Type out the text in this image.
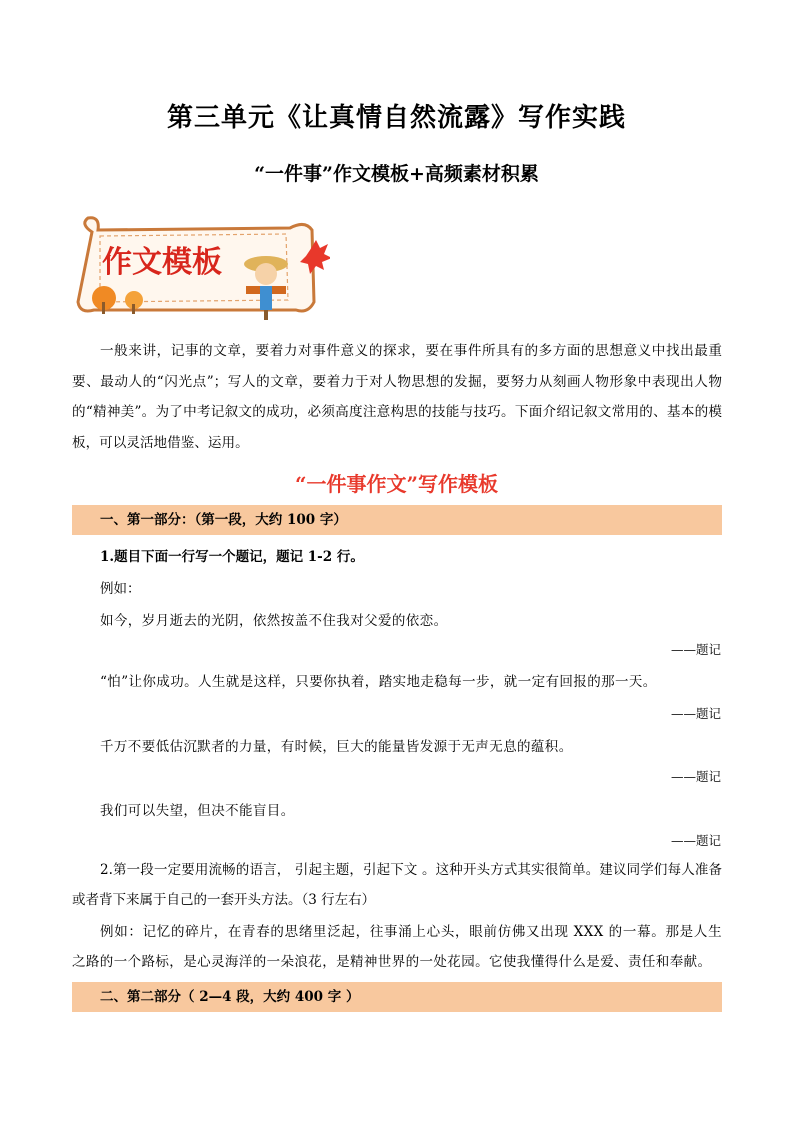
第三单元《让真情自然流露》写作实践
“一件事”作文模板+高频素材积累
作文模板
一般来讲，记事的文章，要着力对事件意义的探求，要在事件所具有的多方面的思想意义中找出最重要、最动人的“闪光点”；写人的文章，要着力于对人物思想的发掘，要努力从刻画人物形象中表现出人物的“精神美”。为了中考记叙文的成功，必须高度注意构思的技能与技巧。下面介绍记叙文常用的、基本的模板，可以灵活地借鉴、运用。
“一件事作文”写作模板
一、第一部分：（第一段，大约 100 字）
1.题目下面一行写一个题记，题记 1-2 行。
例如：
如今，岁月逝去的光阴，依然按盖不住我对父爱的依恋。
——题记
“怕”让你成功。人生就是这样，只要你执着，踏实地走稳每一步，就一定有回报的那一天。
——题记
千万不要低估沉默者的力量，有时候，巨大的能量皆发源于无声无息的蕴积。
——题记
我们可以失望，但决不能盲目。
——题记
2.第一段一定要用流畅的语言， 引起主题，引起下文 。这种开头方式其实很简单。建议同学们每人准备或者背下来属于自己的一套开头方法。（3 行左右）
例如：记忆的碎片，在青春的思绪里泛起，往事涌上心头，眼前仿佛又出现 XXX 的一幕。那是人生之路的一个路标，是心灵海洋的一朵浪花，是精神世界的一处花园。它使我懂得什么是爱、责任和奉献。
二、第二部分（ 2—4 段，大约 400 字 ）
